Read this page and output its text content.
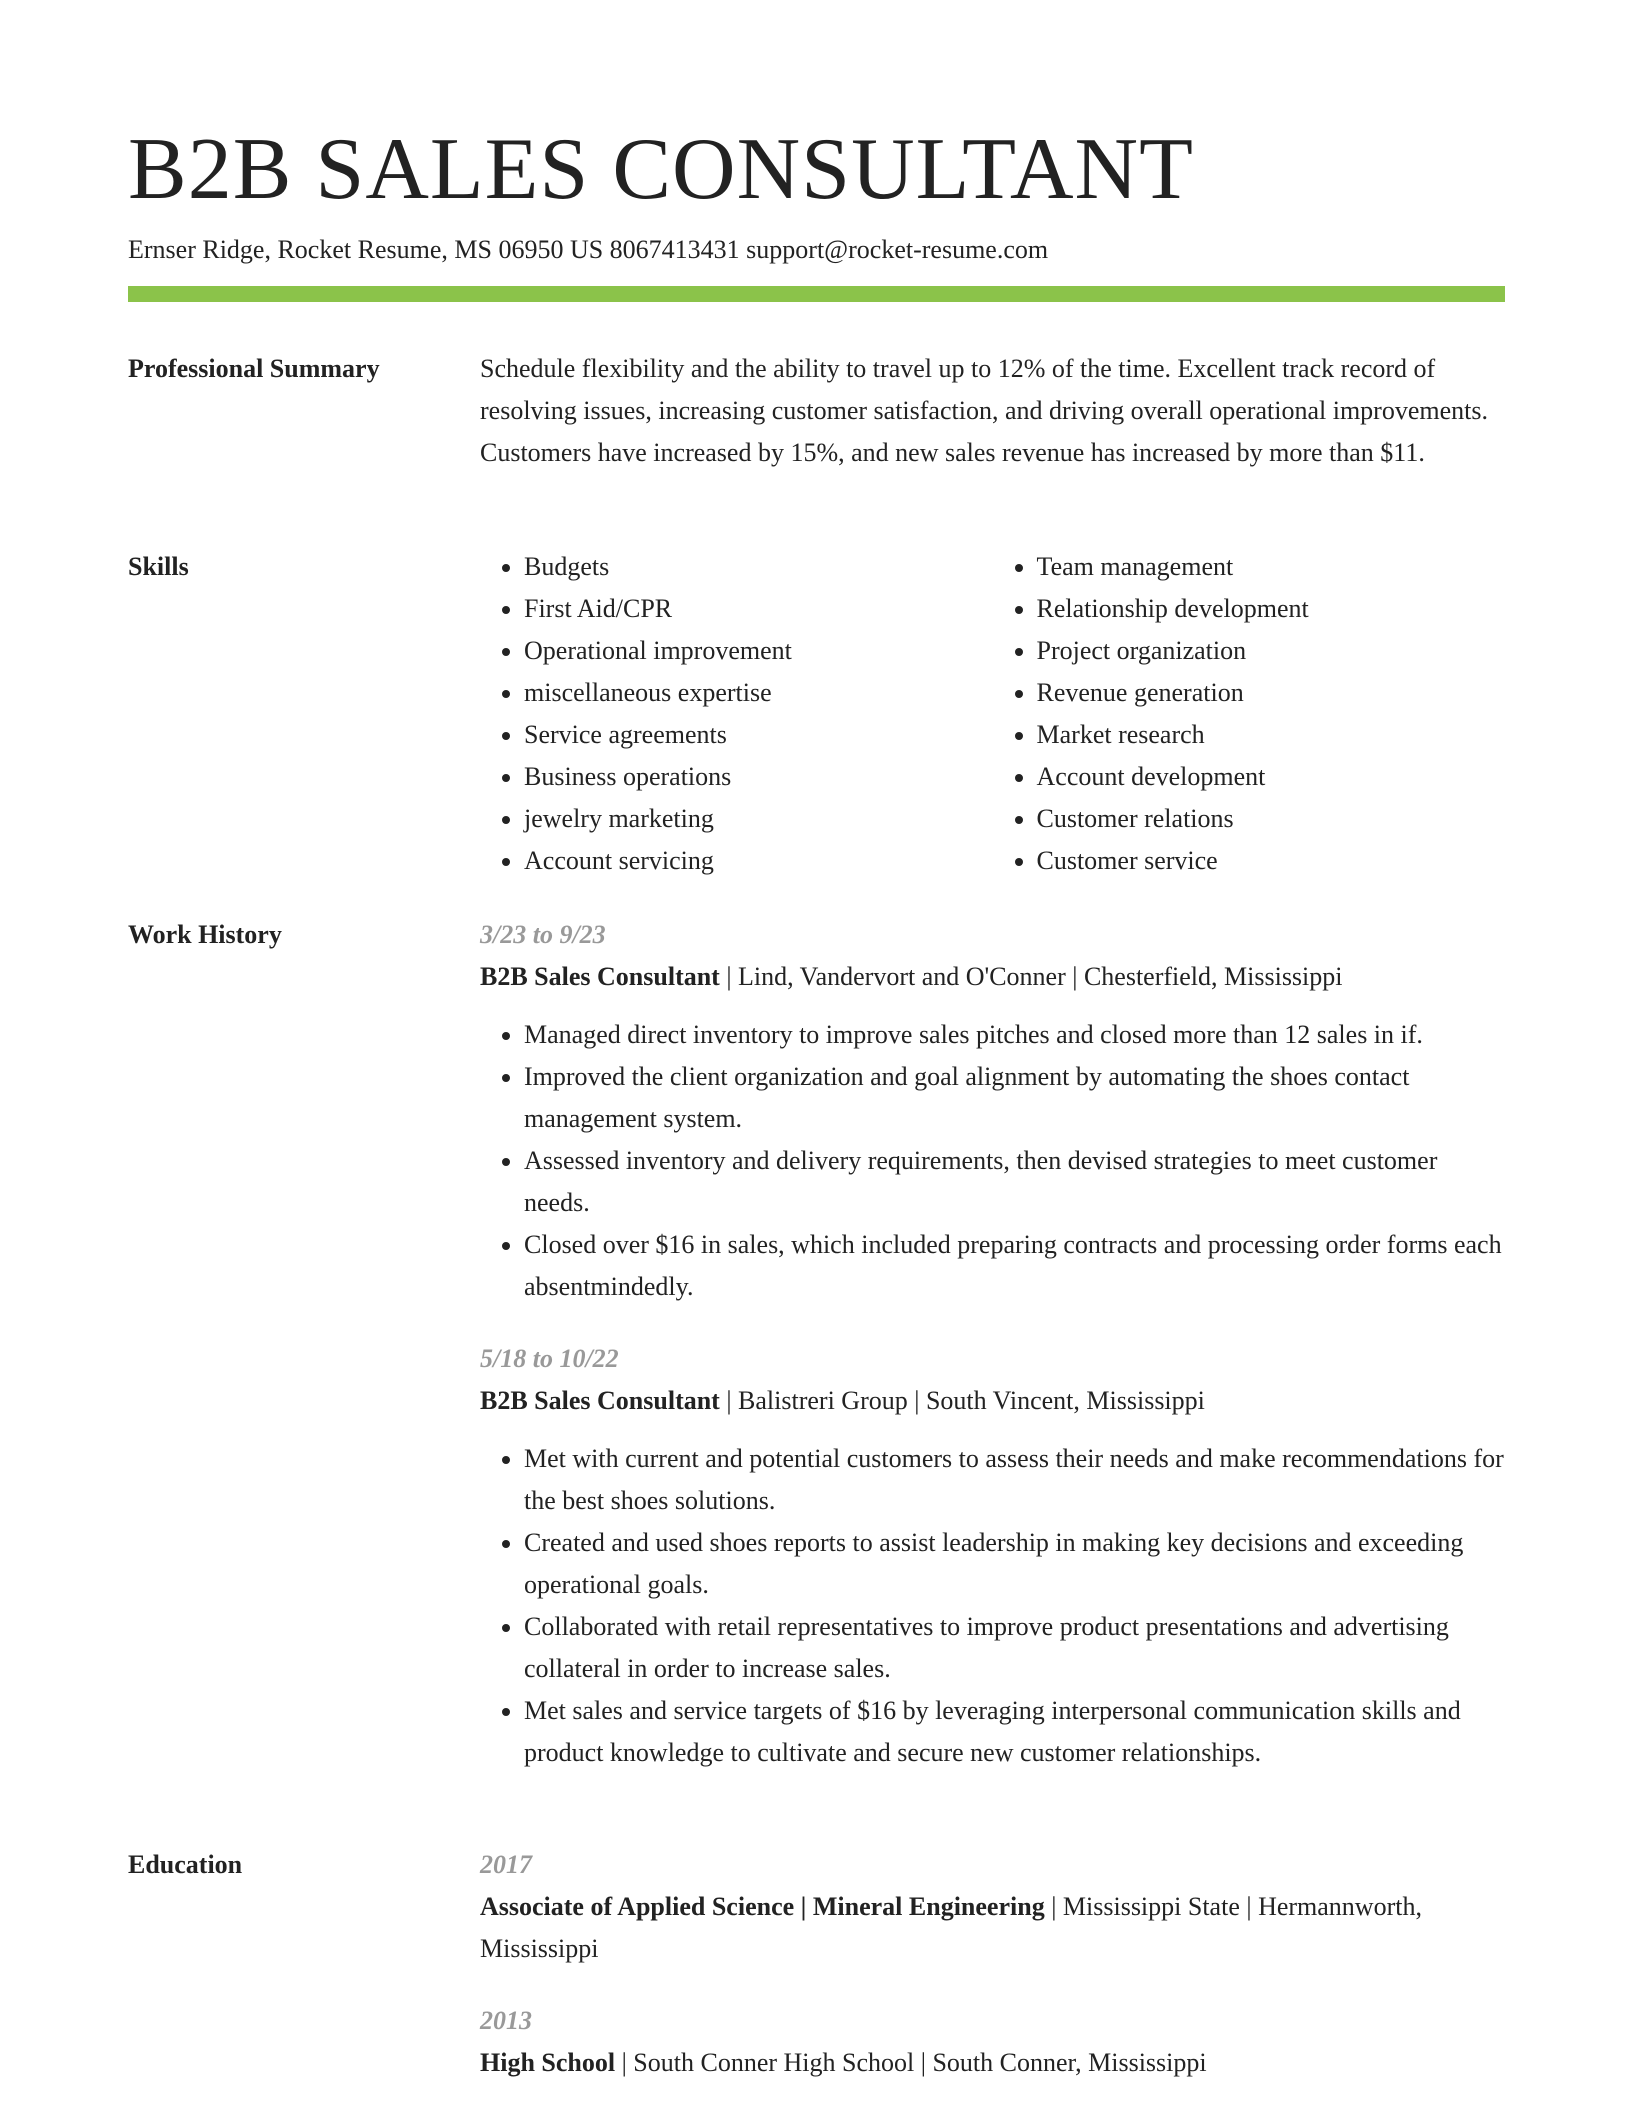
B2B SALES CONSULTANT
Ernser Ridge, Rocket Resume, MS 06950 US 8067413431 support@rocket-resume.com
Professional Summary	Schedule flexibility and the ability to travel up to 12% of the time. Excellent track record of resolving issues, increasing customer satisfaction, and driving overall operational improvements. Customers have increased by 15%, and new sales revenue has increased by more than $11.

Skills
•	Budgets
• First Aid/CPR
• Operational improvement
• miscellaneous expertise
• Service agreements
• Business operations
• jewelry marketing
• Account servicing
• Team management
• Relationship development
• Project organization
• Revenue generation
• Market research
• Account development
• Customer relations
• Customer service
Work History	3/23 to 9/23

B2B Sales Consultant | Lind, Vandervort and O'Conner | Chesterfield, Mississippi

• Managed direct inventory to improve sales pitches and closed more than 12 sales in if.
• Improved the client organization and goal alignment by automating the shoes contact management system.
• Assessed inventory and delivery requirements, then devised strategies to meet customer needs.
• Closed over $16 in sales, which included preparing contracts and processing order forms each absentmindedly.
5/18 to 10/22

B2B Sales Consultant | Balistreri Group | South Vincent, Mississippi

• Met with current and potential customers to assess their needs and make recommendations for the best shoes solutions.
• Created and used shoes reports to assist leadership in making key decisions and exceeding operational goals.
• Collaborated with retail representatives to improve product presentations and advertising collateral in order to increase sales.
• Met sales and service targets of $16 by leveraging interpersonal communication skills and product knowledge to cultivate and secure new customer relationships.
Education	2017

Associate of Applied Science | Mineral Engineering | Mississippi State | Hermannworth, Mississippi

2013

High School | South Conner High School | South Conner, Mississippi
